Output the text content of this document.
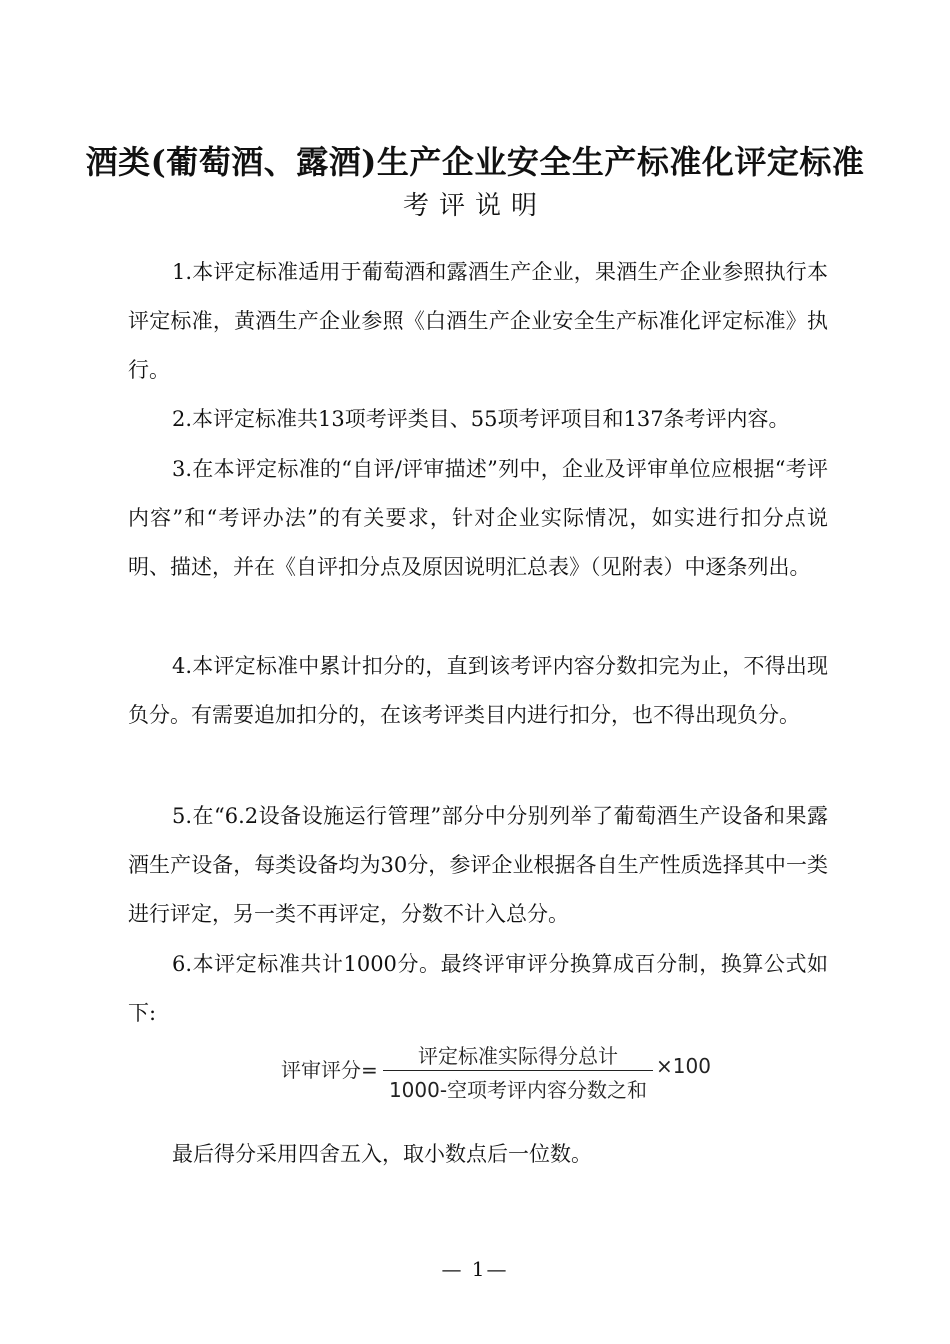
酒类(葡萄酒、露酒)生产企业安全生产标准化评定标准
考评说明

1.本评定标准适用于葡萄酒和露酒生产企业，果酒生产企业参照执行本评定标准，黄酒生产企业参照《白酒生产企业安全生产标准化评定标准》执行。

2.本评定标准共13项考评类目、55项考评项目和137条考评内容。

3.在本评定标准的“自评/评审描述”列中，企业及评审单位应根据“考评内容”和“考评办法”的有关要求，针对企业实际情况，如实进行扣分点说明、描述，并在《自评扣分点及原因说明汇总表》（见附表）中逐条列出。

4.本评定标准中累计扣分的，直到该考评内容分数扣完为止，不得出现负分。有需要追加扣分的，在该考评类目内进行扣分，也不得出现负分。

5.在“6.2设备设施运行管理”部分中分别列举了葡萄酒生产设备和果露酒生产设备，每类设备均为30分，参评企业根据各自生产性质选择其中一类进行评定，另一类不再评定，分数不计入总分。

6.本评定标准共计1000分。最终评审评分换算成百分制，换算公式如下:

评审评分=
评定标准实际得分总计
1000-空项考评内容分数之和
×100
最后得分采用四舍五入，取小数点后一位数。
— 1—
